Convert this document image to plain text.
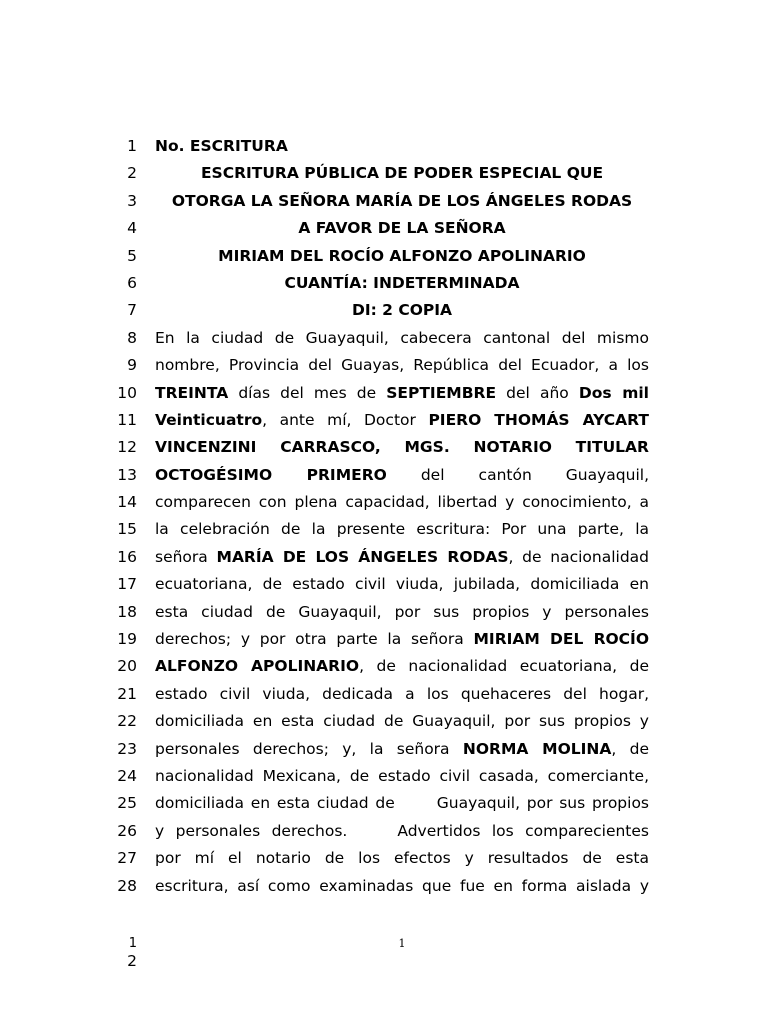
1 No. ESCRITURA
2	ESCRITURA PÚBLICA DE PODER ESPECIAL QUE
3	OTORGA LA SEÑORA MARÍA DE LOS ÁNGELES RODAS
4	A FAVOR DE LA SEÑORA
5	MIRIAM DEL ROCÍO ALFONZO APOLINARIO
6	CUANTÍA: INDETERMINADA
7	DI: 2 COPIA
8 En la ciudad de Guayaquil, cabecera cantonal del mismo
9 nombre, Provincia del Guayas, República del Ecuador, a los
10 TREINTA días del mes de SEPTIEMBRE del año Dos mil
11 Veinticuatro, ante mí, Doctor PIERO THOMÁS AYCART
12 VINCENZINI CARRASCO, MGS. NOTARIO TITULAR
13 OCTOGÉSIMO PRIMERO del cantón Guayaquil,
14 comparecen con plena capacidad, libertad y conocimiento, a
15 la celebración de la presente escritura: Por una parte, la
16 señora MARÍA DE LOS ÁNGELES RODAS, de nacionalidad
17 ecuatoriana, de estado civil viuda, jubilada, domiciliada en
18 esta ciudad de Guayaquil, por sus propios y personales
19 derechos; y por otra parte la señora MIRIAM DEL ROCÍO
20 ALFONZO APOLINARIO, de nacionalidad ecuatoriana, de
21 estado civil viuda, dedicada a los quehaceres del hogar,
22 domiciliada en esta ciudad de Guayaquil, por sus propios y
23 personales derechos; y, la señora NORMA MOLINA, de
24 nacionalidad Mexicana, de estado civil casada, comerciante,
25 domiciliada en esta ciudad de	Guayaquil, por sus propios
26 y personales derechos.	Advertidos los comparecientes
27 por mí el notario de los efectos y resultados de esta
28 escritura, así como examinadas que fue en forma aislada y
1
2
1
